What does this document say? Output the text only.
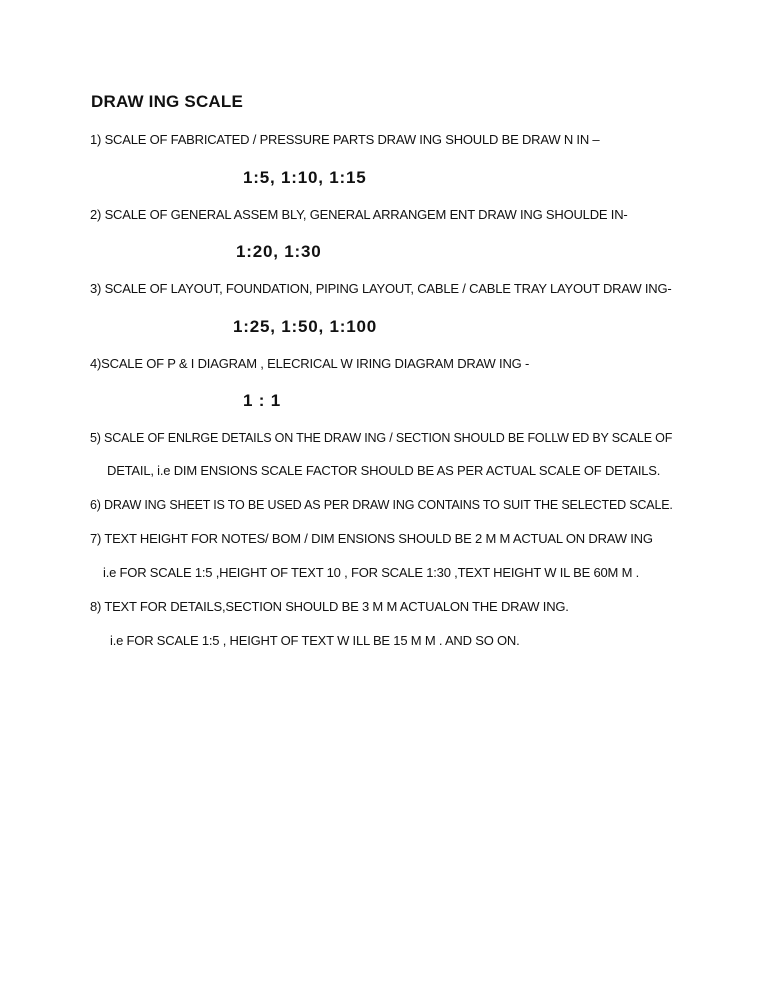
DRAW ING SCALE
1) SCALE OF FABRICATED / PRESSURE PARTS DRAW ING SHOULD BE DRAW N IN –
1:5, 1:10, 1:15
2) SCALE OF GENERAL ASSEM BLY, GENERAL ARRANGEM ENT DRAW ING SHOULDE IN-
1:20, 1:30
3) SCALE OF LAYOUT, FOUNDATION, PIPING LAYOUT, CABLE / CABLE TRAY LAYOUT DRAW ING-
1:25, 1:50, 1:100
4)SCALE OF P & I DIAGRAM , ELECRICAL W IRING DIAGRAM DRAW ING -
1 : 1
5) SCALE OF ENLRGE DETAILS ON THE DRAW ING / SECTION SHOULD BE FOLLW ED BY SCALE OF
DETAIL, i.e DIM ENSIONS SCALE FACTOR SHOULD BE AS PER ACTUAL SCALE OF DETAILS.
6) DRAW ING SHEET IS TO BE USED AS PER DRAW ING CONTAINS TO SUIT THE SELECTED SCALE.
7) TEXT HEIGHT FOR NOTES/ BOM / DIM ENSIONS SHOULD BE 2 M M ACTUAL ON DRAW ING
i.e FOR SCALE 1:5 ,HEIGHT OF TEXT 10 , FOR SCALE 1:30 ,TEXT HEIGHT W IL BE 60M M .
8) TEXT FOR DETAILS,SECTION SHOULD BE 3 M M ACTUALON THE DRAW ING.
i.e FOR SCALE 1:5 , HEIGHT OF TEXT W ILL BE 15 M M . AND SO ON.
